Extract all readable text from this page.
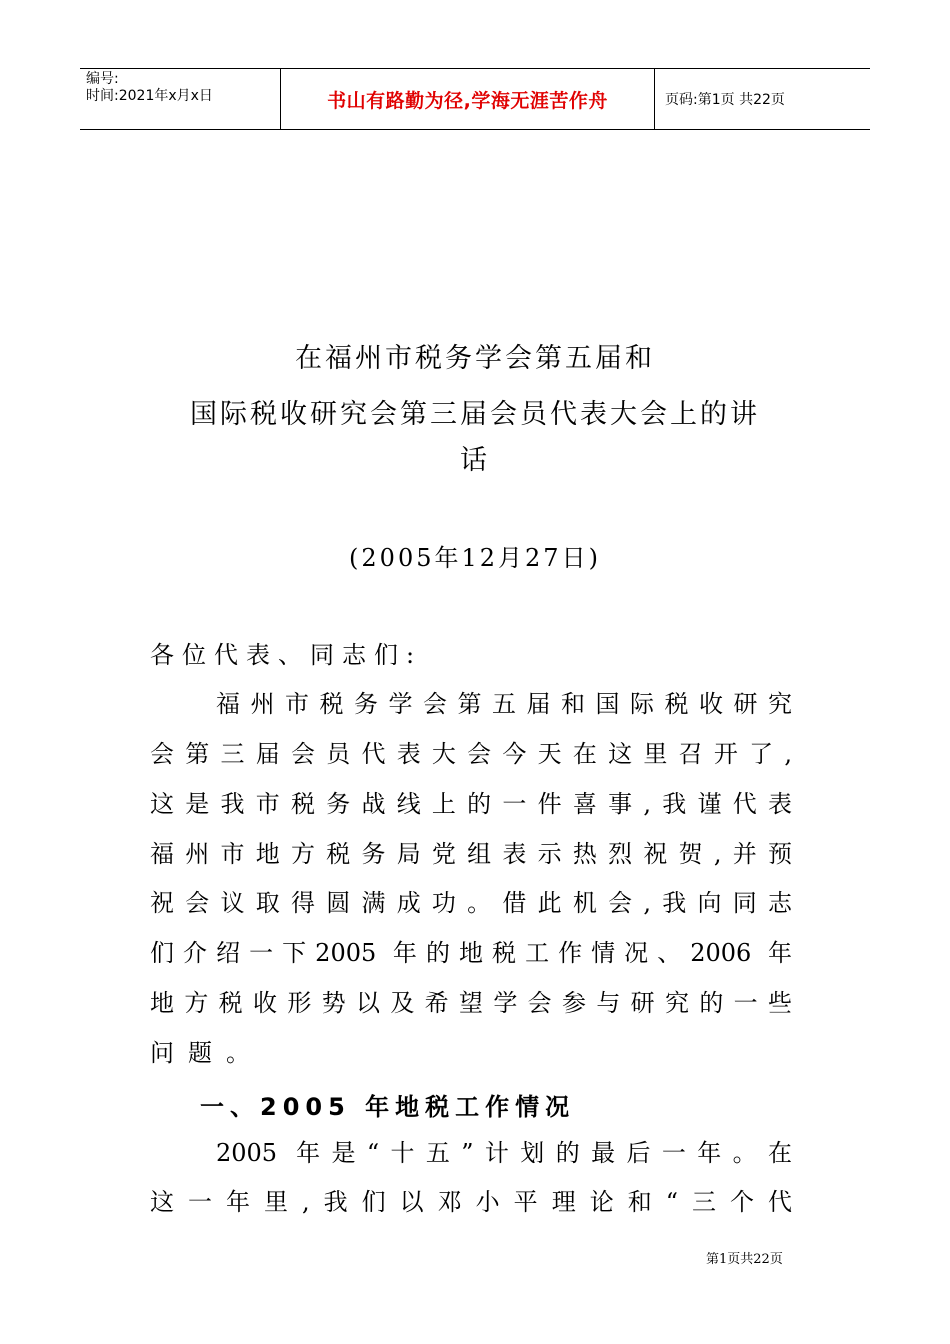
编号:
时间:2021年x月x日	书山有路勤为径,学海无涯苦作舟	页码:第1页 共22页
在福州市税务学会第五届和
国际税收研究会第三届会员代表大会上的讲
话
(2005年12月27日)
各位代表、同志们:
福州市税务学会第五届和国际税收研究
会第三届会员代表大会今天在这里召开了,
这是我市税务战线上的一件喜事,我谨代表
福州市地方税务局党组表示热烈祝贺,并预
祝会议取得圆满成功。借此机会,我向同志
们介绍一下2005 年的地税工作情况、2006 年
地方税收形势以及希望学会参与研究的一些
问题。
一、2005 年地税工作情况
2005 年是“十五”计划的最后一年。在
这一年里,我们以邓小平理论和“三个代
第1页共22页
